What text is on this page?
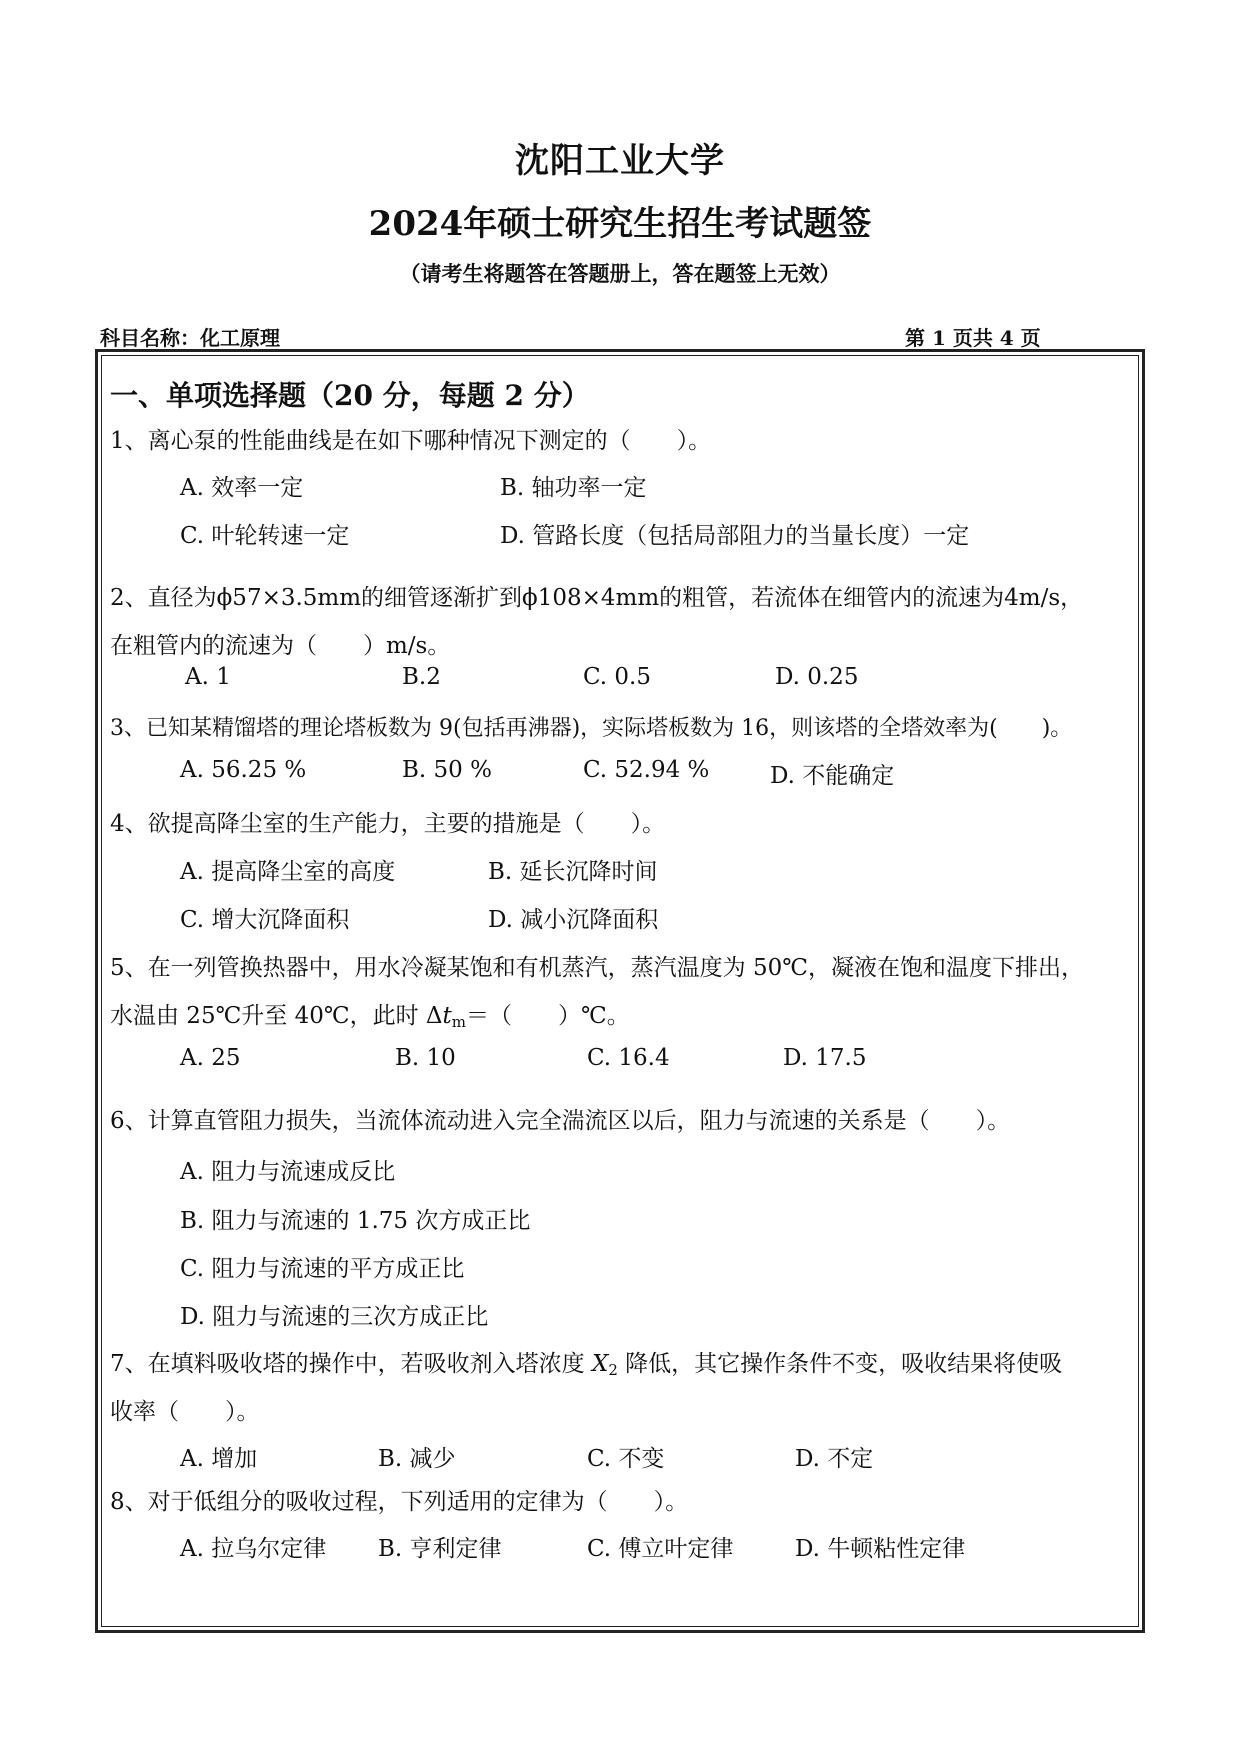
沈阳工业大学
2024年硕士研究生招生考试题签
（请考生将题答在答题册上，答在题签上无效）
科目名称：化工原理	第 1 页共 4 页
一、单项选择题（20 分，每题 2 分）
1、离心泵的性能曲线是在如下哪种情况下测定的（　　）。
A. 效率一定	B. 轴功率一定
C. 叶轮转速一定	D. 管路长度（包括局部阻力的当量长度）一定
2、直径为ϕ57×3.5mm的细管逐渐扩到ϕ108×4mm的粗管，若流体在细管内的流速为4m/s，
在粗管内的流速为（　　）m/s。
A. 1	B.2	C. 0.5	D. 0.25
3、已知某精馏塔的理论塔板数为 9(包括再沸器)，实际塔板数为 16，则该塔的全塔效率为(　　)。
A. 56.25 %	B. 50 %	C. 52.94 %	D. 不能确定
4、欲提高降尘室的生产能力，主要的措施是（　　）。
A. 提高降尘室的高度	B. 延长沉降时间
C. 增大沉降面积	D. 减小沉降面积
5、在一列管换热器中，用水冷凝某饱和有机蒸汽，蒸汽温度为 50℃，凝液在饱和温度下排出，
水温由 25℃升至 40℃，此时 $\Delta t_m=$（　　）℃。
A. 25	B. 10	C. 16.4	D. 17.5
6、计算直管阻力损失，当流体流动进入完全湍流区以后，阻力与流速的关系是（　　）。
A. 阻力与流速成反比
B. 阻力与流速的 1.75 次方成正比
C. 阻力与流速的平方成正比
D. 阻力与流速的三次方成正比
7、在填料吸收塔的操作中，若吸收剂入塔浓度 $X_2$ 降低，其它操作条件不变，吸收结果将使吸
收率（　　）。
A. 增加	B. 减少	C. 不变	D. 不定
8、对于低组分的吸收过程，下列适用的定律为（　　）。
A. 拉乌尔定律 B. 亨利定律	C. 傅立叶定律	D. 牛顿粘性定律
